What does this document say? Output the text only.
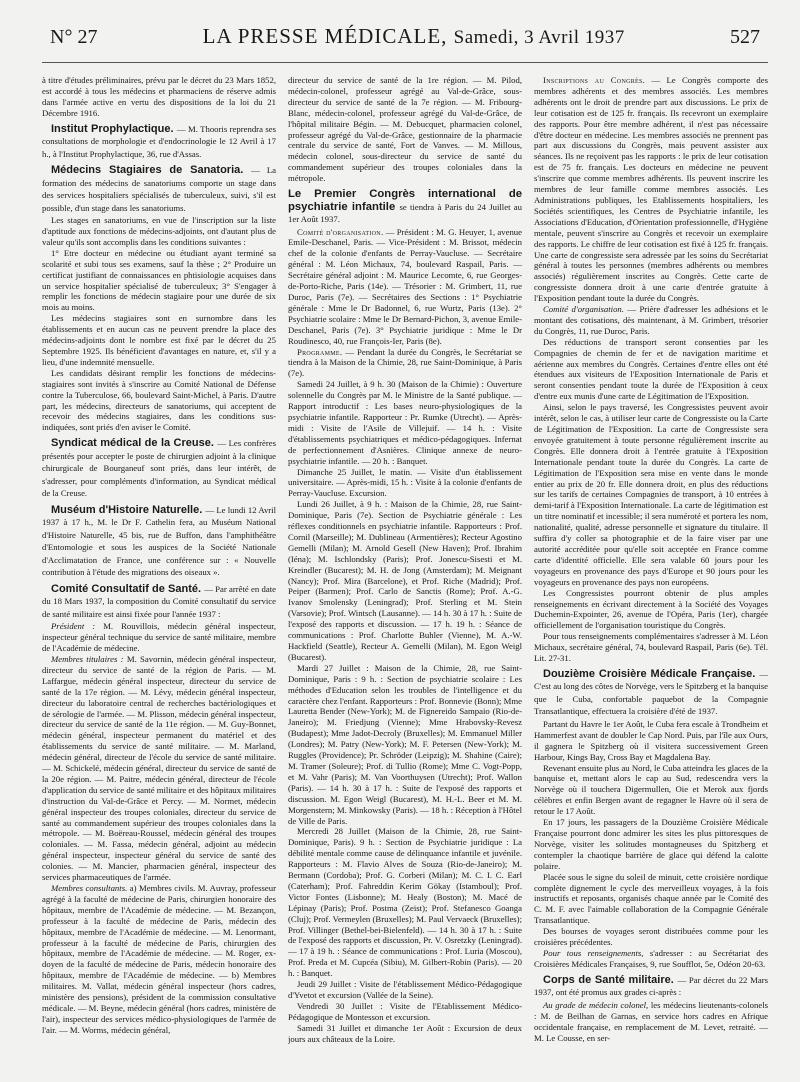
N° 27	LA PRESSE MÉDICALE, Samedi, 3 Avril 1937	527

à titre d'études préliminaires, prévu par le décret du 23 Mars 1852, est accordé à tous les médecins et pharmaciens de réserve admis dans l'armée active en vertu des dispositions de la loi du 21 Décembre 1916.

Institut Prophylactique. — M. Thooris reprendra ses consultations de morphologie et d'endocrinologie le 12 Avril à 17 h., à l'Institut Prophylactique, 36, rue d'Assas.
Médecins Stagiaires de Sanatoria. — La formation des médecins de sanatoriums comporte un stage dans des services hospitaliers spécialisés de tuberculeux, suivi, s'il est possible, d'un stage dans les sanatoriums.

Les stages en sanatoriums, en vue de l'inscription sur la liste d'aptitude aux fonctions de médecins-adjoints, ont d'autant plus de valeur qu'ils sont accomplis dans les conditions suivantes :

1° Etre docteur en médecine ou étudiant ayant terminé sa scolarité et subi tous ses examens, sauf la thèse ; 2° Produire un certificat justifiant de connaissances en phtisiologie acquises dans un service hospitalier spécialisé de tuberculeux; 3° S'engager à remplir les fonctions de médecin stagiaire pour une durée de six mois au moins.

Les médecins stagiaires sont en surnombre dans les établissements et en aucun cas ne peuvent prendre la place des médecins-adjoints dont le nombre est fixé par le décret du 25 Septembre 1925. Ils bénéficient d'avantages en nature, et, s'il y a lieu, d'une indemnité mensuelle.

Les candidats désirant remplir les fonctions de médecins-stagiaires sont invités à s'inscrire au Comité National de Défense contre la Tuberculose, 66, boulevard Saint-Michel, à Paris. D'autre part, les médecins, directeurs de sanatoriums, qui acceptent de recevoir des médecins stagiaires, dans les conditions sus-indiquées, sont priés d'en aviser le Comité.

Syndicat médical de la Creuse. — Les confrères présentés pour accepter le poste de chirurgien adjoint à la clinique chirurgicale de Bourganeuf sont priés, dans leur intérêt, de s'adresser, pour compléments d'information, au Syndicat médical de la Creuse.
Muséum d'Histoire Naturelle. — Le lundi 12 Avril 1937 à 17 h., M. le Dr F. Cathelin fera, au Muséum National d'Histoire Naturelle, 45 bis, rue de Buffon, dans l'amphithéâtre d'Entomologie et sous les auspices de la Société Nationale d'Acclimatation de France, une conférence sur : « Nouvelle contribution à l'étude des migrations des oiseaux ».
Comité Consultatif de Santé. — Par arrêté en date du 18 Mars 1937, la composition du Comité consultatif du service de santé militaire est ainsi fixée pour l'année 1937 :

Président : M. Rouvillois, médecin général inspecteur, inspecteur général technique du service de santé militaire, membre de l'Académie de médecine.

Membres titulaires : M. Savornin, médecin général inspecteur, directeur du service de santé de la région de Paris. — M. Laffargue, médecin général inspecteur, directeur du service de santé de la 17e région. — M. Lévy, médecin général inspecteur, directeur du laboratoire central de recherches bactériologiques et de sérologie de l'armée. — M. Plisson, médecin général inspecteur, directeur du service de santé de la 11e région. — M. Guy-Bonnet, médecin général, inspecteur permanent du matériel et des établissements du service de santé militaire. — M. Marland, médecin général, directeur de l'école du service de santé militaire. — M. Schickelé, médecin général, directeur du service de santé de la 20e région. — M. Paitre, médecin général, directeur de l'école d'application du service de santé militaire et des hôpitaux militaires d'instruction du Val-de-Grâce et Percy. — M. Normet, médecin général inspecteur des troupes coloniales, directeur du service de santé au commandement supérieur des troupes coloniales dans la métropole. — M. Boëreau-Roussel, médecin général des troupes coloniales. — M. Fassa, médecin général, adjoint au médecin général inspecteur, inspecteur général du service de santé des colonies. — M. Mancier, pharmacien général, inspecteur des services pharmaceutiques de l'armée.

Membres consultants. a) Membres civils. M. Auvray, professeur agrégé à la faculté de médecine de Paris, chirurgien honoraire des hôpitaux, membre de l'Académie de médecine. — M. Bezançon, professeur à la faculté de médecine de Paris, médecin des hôpitaux, membre de l'Académie de médecine. — M. Lenormant, professeur à la faculté de médecine de Paris, chirurgien des hôpitaux, membre de l'Académie de médecine. — M. Roger, ex-doyen de la faculté de médecine de Paris, médecin honoraire des hôpitaux, membre de l'Académie de médecine. — b) Membres militaires. M. Vallat, médecin général inspecteur (hors cadres, ministère des pensions), président de la commission consultative médicale. — M. Beyne, médecin général (hors cadres, ministère de l'air), inspecteur des services médico-physiologiques de l'armée de l'air. — M. Worms, médecin général,

directeur du service de santé de la 1re région. — M. Pilod, médecin-colonel, professeur agrégé au Val-de-Grâce, sous-directeur du service de santé de la 7e région. — M. Fribourg-Blanc, médecin-colonel, professeur agrégé du Val-de-Grâce, de l'hôpital militaire Bégin. — M. Debucquet, pharmacien colonel, professeur agrégé du Val-de-Grâce, gestionnaire de la pharmacie centrale du service de santé, Fort de Vanves. — M. Millous, médecin colonel, sous-directeur du service de santé du commandement supérieur des troupes coloniales dans la métropole.

Le Premier Congrès international de psychiatrie infantile se tiendra à Paris du 24 Juillet au 1er Août 1937.

Comité d'organisation. — Président : M. G. Heuyer, 1, avenue Emile-Deschanel, Paris. — Vice-Président : M. Brissot, médecin chef de la colonie d'enfants de Perray-Vaucluse. — Secrétaire général : M. Léon Michaux, 74, boulevard Raspail, Paris. — Secrétaire général adjoint : M. Maurice Lecomte, 6, rue Georges-de-Porto-Riche, Paris (14e). — Trésorier : M. Grimbert, 11, rue Duroc, Paris (7e). — Secrétaires des Sections : 1° Psychiatrie générale : Mme le Dr Badonnel, 6, rue Wurtz, Paris (13e). 2° Psychiatrie scolaire : Mme le Dr Bernard-Pichon, 3, avenue Emile-Deschanel, Paris (7e). 3° Psychiatrie juridique : Mme le Dr Roudinesco, 40, rue François-Ier, Paris (8e).

Programme. — Pendant la durée du Congrès, le Secrétariat se tiendra à la Maison de la Chimie, 28, rue Saint-Dominique, à Paris (7e).

Samedi 24 Juillet, à 9 h. 30 (Maison de la Chimie) : Ouverture solennelle du Congrès par M. le Ministre de la Santé publique. — Rapport introductif : Les bases neuro-physiologiques de la psychiatrie infantile. Rapporteur : Pr. Rumke (Utrecht). — Après-midi : Visite de l'Asile de Villejuif. — 14 h. : Visite d'établissements psychiatriques et médico-pédagogiques. Infernat de perfectionnement d'Asnières. Clinique annexe de neuro-psychiatrie infantile. — 20 h. : Banquet.

Dimanche 25 Juillet, le matin. — Visite d'un établissement universitaire. — Après-midi, 15 h. : Visite à la colonie d'enfants de Perray-Vaucluse. Excursion.

Lundi 26 Juillet, à 9 h. : Maison de la Chimie, 28, rue Saint-Dominique, Paris (7e). Section de Psychiatrie générale : Les réflexes conditionnels en psychiatrie infantile. Rapporteurs : Prof. Cornil (Marseille); M. Dublineau (Armentières); Recteur Agostino Gemelli (Milan); M. Arnold Gesell (New Haven); Prof. Ibrahim (Iéna); M. Ischlondsky (Paris); Prof. Jonescu-Sisesti et M. Kreindler (Bucarest); M. H. de Jong (Amsterdam); M. Meignant (Nancy); Prof. Mira (Barcelone), et Prof. Riche (Madrid); Prof. Peiper (Barmen); Prof. Carlo de Sanctis (Rome); Prof. A.-G. Ivanov Smolensky (Leningrad); Prof. Sterling et M. Stein (Varsovie); Prof. Wintsch (Lausanne). — 14 h. 30 à 17 h. : Suite de l'exposé des rapports et discussion. — 17 h. 19 h. : Séance de communications : Prof. Charlotte Buhler (Vienne), M. A.-W. Hackfield (Seattle), Recteur A. Gemelli (Milan), M. Egon Weigl (Bucarest).

Mardi 27 Juillet : Maison de la Chimie, 28, rue Saint-Dominique, Paris : 9 h. : Section de psychiatrie scolaire : Les méthodes d'Education selon les troubles de l'intelligence et du caractère chez l'enfant. Rapporteurs : Prof. Bonnevie (Bonn); Mme Lauretta Bender (New-York); M. de Fignereido Sampaio (Rio-de-Janeiro); M. Friedjung (Vienne); Mme Hrabovsky-Revesz (Budapest); Mme Jadot-Decroly (Bruxelles); M. Emmanuel Miller (Londres); M. Patry (New-York); M. F. Petersen (New-York); M. Ruggles (Providence); Pr. Schröder (Leipzig); M. Shahine (Caire); M. Tramer (Soleure); Prof. di Tullio (Rome); Mme C. Vogt-Popp, et M. Vahr (Paris); M. Van Voorthuysen (Utrecht); Prof. Wallon (Paris). — 14 h. 30 à 17 h. : Suite de l'exposé des rapports et discussion. M. Egon Weigl (Bucarest), M. H.-L. Beer et M. M. Morgenstern; M. Minkowsky (Paris). — 18 h. : Réception à l'Hôtel de Ville de Paris.

Mercredi 28 Juillet (Maison de la Chimie, 28, rue Saint-Dominique, Paris). 9 h. : Section de Psychiatrie juridique : La débilité mentale comme cause de délinquance infantile et juvénile. Rapporteurs : M. Flavio Alves de Souza (Rio-de-Janeiro); M. Bermann (Cordoba); Prof. G. Corberi (Milan); M. C. I. C. Earl (Caterham); Prof. Fahreddin Kerim Gökay (Istamboul); Prof. Victor Fontes (Lisbonne); M. Healy (Boston); M. Macé de Lépinay (Paris); Prof. Postma (Zeist); Prof. Stefanesco Goanga (Cluj); Prof. Vermeylen (Bruxelles); M. Paul Vervaeck (Bruxelles); Prof. Villinger (Bethel-bei-Bielenfeld). — 14 h. 30 à 17 h. : Suite de l'exposé des rapports et discussion, Pr. V. Osretzky (Leningrad). — 17 à 19 h. : Séance de communications : Prof. Luria (Moscou), Prof. Preda et M. Cupcéa (Sibiu), M. Gilbert-Robin (Paris). — 20 h. : Banquet.

Jeudi 29 Juillet : Visite de l'établissement Médico-Pédagogique d'Yvetot et excursion (Vallée de la Seine).

Vendredi 30 Juillet : Visite de l'Etablissement Médico-Pédagogique de Montesson et excursion.

Samedi 31 Juillet et dimanche 1er Août : Excursion de deux jours aux châteaux de la Loire.

Inscriptions au Congrès. — Le Congrès comporte des membres adhérents et des membres associés. Les membres adhérents ont le droit de prendre part aux discussions. Le prix de leur cotisation est de 125 fr. français. Ils recevront un exemplaire des rapports. Pour être membre adhérent, il n'est pas nécessaire d'être docteur en médecine. Les membres associés ne prennent pas part aux discussions du Congrès, mais peuvent assister aux séances. Ils ne reçoivent pas les rapports : le prix de leur cotisation est de 75 fr. français. Les docteurs en médecine ne peuvent s'inscrire que comme membres adhérents. Ils peuvent inscrire les membres de leur famille comme membres associés. Les Administrations publiques, les Etablissements hospitaliers, les Sociétés scientifiques, les Centres de Psychiatrie infantile, les Associations d'Education, d'Orientation professionnelle, d'Hygiène mentale, peuvent s'inscrire au Congrès et recevoir un exemplaire des rapports. Le chiffre de leur cotisation est fixé à 125 fr. français. Une carte de congressiste sera adressée par les soins du Secrétariat général à toutes les personnes (membres adhérents ou membres associés) régulièrement inscrites au Congrès. Cette carte de congressiste donnera droit à une carte d'entrée gratuite à l'Exposition pendant toute la durée du Congrès.

Comité d'organisation. — Prière d'adresser les adhésions et le montant des cotisations, dès maintenant, à M. Grimbert, trésorier du Congrès, 11, rue Duroc, Paris.

Des réductions de transport seront consenties par les Compagnies de chemin de fer et de navigation maritime et aérienne aux membres du Congrès. Certaines d'entre elles ont été étendues aux visiteurs de l'Exposition Internationale de Paris et seront consenties pendant toute la durée de l'Exposition à ceux d'entre eux munis d'une carte de Légitimation de l'Exposition.

Ainsi, selon le pays traversé, les Congressistes peuvent avoir intérêt, selon le cas, à utiliser leur carte de Congressiste ou la Carte de Légitimation de l'Exposition. La carte de Congressiste sera envoyée gratuitement à toute personne régulièrement inscrite au Congrès. Elle donnera droit à l'entrée gratuite à l'Exposition Internationale pendant toute la durée du Congrès. La carte de Légitimation de l'Exposition sera mise en vente dans le monde entier au prix de 20 fr. Elle donnera droit, en plus des réductions sur les tarifs de certaines Compagnies de transport, à 10 entrées à demi-tarif à l'Exposition Internationale. La carte de légitimation est un titre nominatif et incessible; il sera numéroté et portera les nom, nationalité, qualité, adresse personnelle et signature du titulaire. Il suffira d'y coller sa photographie et de la faire viser par une autorité accréditée pour qu'elle soit acceptée en France comme carte d'identité officielle. Elle sera valable 60 jours pour les voyageurs en provenance des pays d'Europe et 90 jours pour les voyageurs en provenance des pays non européens.

Les Congressistes pourront obtenir de plus amples renseignements en écrivant directement à la Société des Voyages Duchemin-Expointer, 26, avenue de l'Opéra, Paris (1er), chargée officiellement de l'organisation touristique du Congrès.

Pour tous renseignements complémentaires s'adresser à M. Léon Michaux, secrétaire général, 74, boulevard Raspail, Paris (6e). Tél. Lit. 27-31.

Douzième Croisière Médicale Française. — C'est au long des côtes de Norvège, vers le Spitzberg et la banquise que le Cuba, confortable paquebot de la Compagnie Transatlantique, effectuera la croisière d'été de 1937.

Partant du Havre le 1er Août, le Cuba fera escale à Trondheim et Hammerfest avant de doubler le Cap Nord. Puis, par l'île aux Ours, il gagnera le Spitzberg où il visitera successivement Green Harbour, Kings Bay, Cross Bay et Magdalena Bay.

Revenant ensuite plus au Nord, le Cuba atteindra les glaces de la banquise et, mettant alors le cap au Sud, redescendra vers la Norvège où il touchera Digermullen, Oie et Merok aux fjords célèbres et enfin Bergen avant de regagner le Havre où il sera de retour le 17 Août.

En 17 jours, les passagers de la Douzième Croisière Médicale Française pourront donc admirer les sites les plus pittoresques de Norvège, visiter les solitudes montagneuses du Spitzberg et contempler la chaotique barrière de glace qui défend la calotte polaire.

Placée sous le signe du soleil de minuit, cette croisière nordique complète dignement le cycle des merveilleux voyages, à la fois instructifs et reposants, organisés chaque année par le Comité des C. M. F. avec l'aimable collaboration de la Compagnie Générale Transatlantique.

Des bourses de voyages seront distribuées comme pour les croisières précédentes.

Pour tous renseignements, s'adresser : au Secrétariat des Croisières Médicales Françaises, 9, rue Soufflot, 5e, Odéon 20-63.

Corps de Santé militaire. — Par décret du 22 Mars 1937, ont été promus aux grades ci-après :

Au grade de médecin colonel, les médecins lieutenants-colonels : M. de Beilhan de Garnas, en service hors cadres en Afrique occidentale française, en remplacement de M. Levet, retraité. — M. Le Cousse, en ser-
